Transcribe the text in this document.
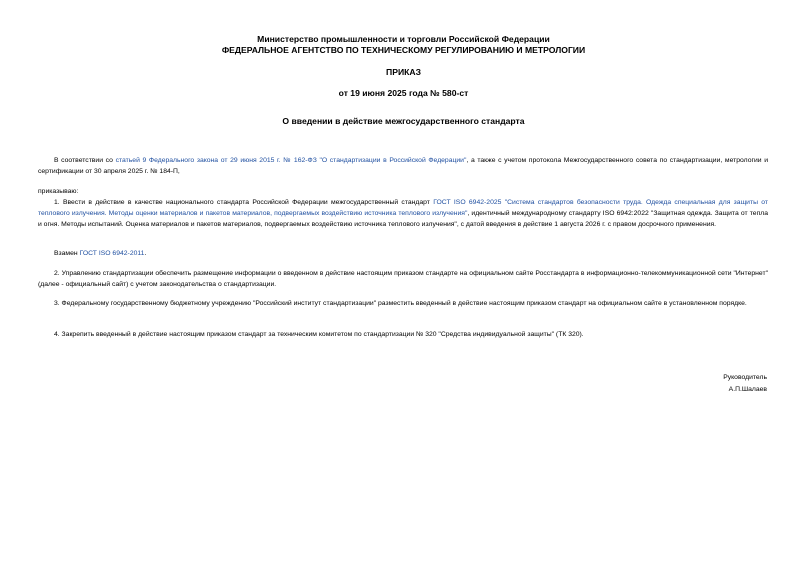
Министерство промышленности и торговли Российской Федерации
ФЕДЕРАЛЬНОЕ АГЕНТСТВО ПО ТЕХНИЧЕСКОМУ РЕГУЛИРОВАНИЮ И МЕТРОЛОГИИ
ПРИКАЗ
от 19 июня 2025 года № 580-ст
О введении в действие межгосударственного стандарта
В соответствии со статьей 9 Федерального закона от 29 июня 2015 г. № 162-ФЗ "О стандартизации в Российской Федерации", а также с учетом протокола Межгосударственного совета по стандартизации, метрологии и сертификации от 30 апреля 2025 г. № 184-П,
приказываю:
1. Ввести в действие в качестве национального стандарта Российской Федерации межгосударственный стандарт ГОСТ ISO 6942-2025 "Система стандартов безопасности труда. Одежда специальная для защиты от теплового излучения. Методы оценки материалов и пакетов материалов, подвергаемых воздействию источника теплового излучения", идентичный международному стандарту ISO 6942:2022 "Защитная одежда. Защита от тепла и огня. Методы испытаний. Оценка материалов и пакетов материалов, подвергаемых воздействию источника теплового излучения", с датой введения в действие 1 августа 2026 г. с правом досрочного применения.
Взамен ГОСТ ISO 6942-2011.
2. Управлению стандартизации обеспечить размещение информации о введенном в действие настоящим приказом стандарте на официальном сайте Росстандарта в информационно-телекоммуникационной сети "Интернет" (далее - официальный сайт) с учетом законодательства о стандартизации.
3. Федеральному государственному бюджетному учреждению "Российский институт стандартизации" разместить введенный в действие настоящим приказом стандарт на официальном сайте в установленном порядке.
4. Закрепить введенный в действие настоящим приказом стандарт за техническим комитетом по стандартизации № 320 "Средства индивидуальной защиты" (ТК 320).
Руководитель
А.П.Шалаев
